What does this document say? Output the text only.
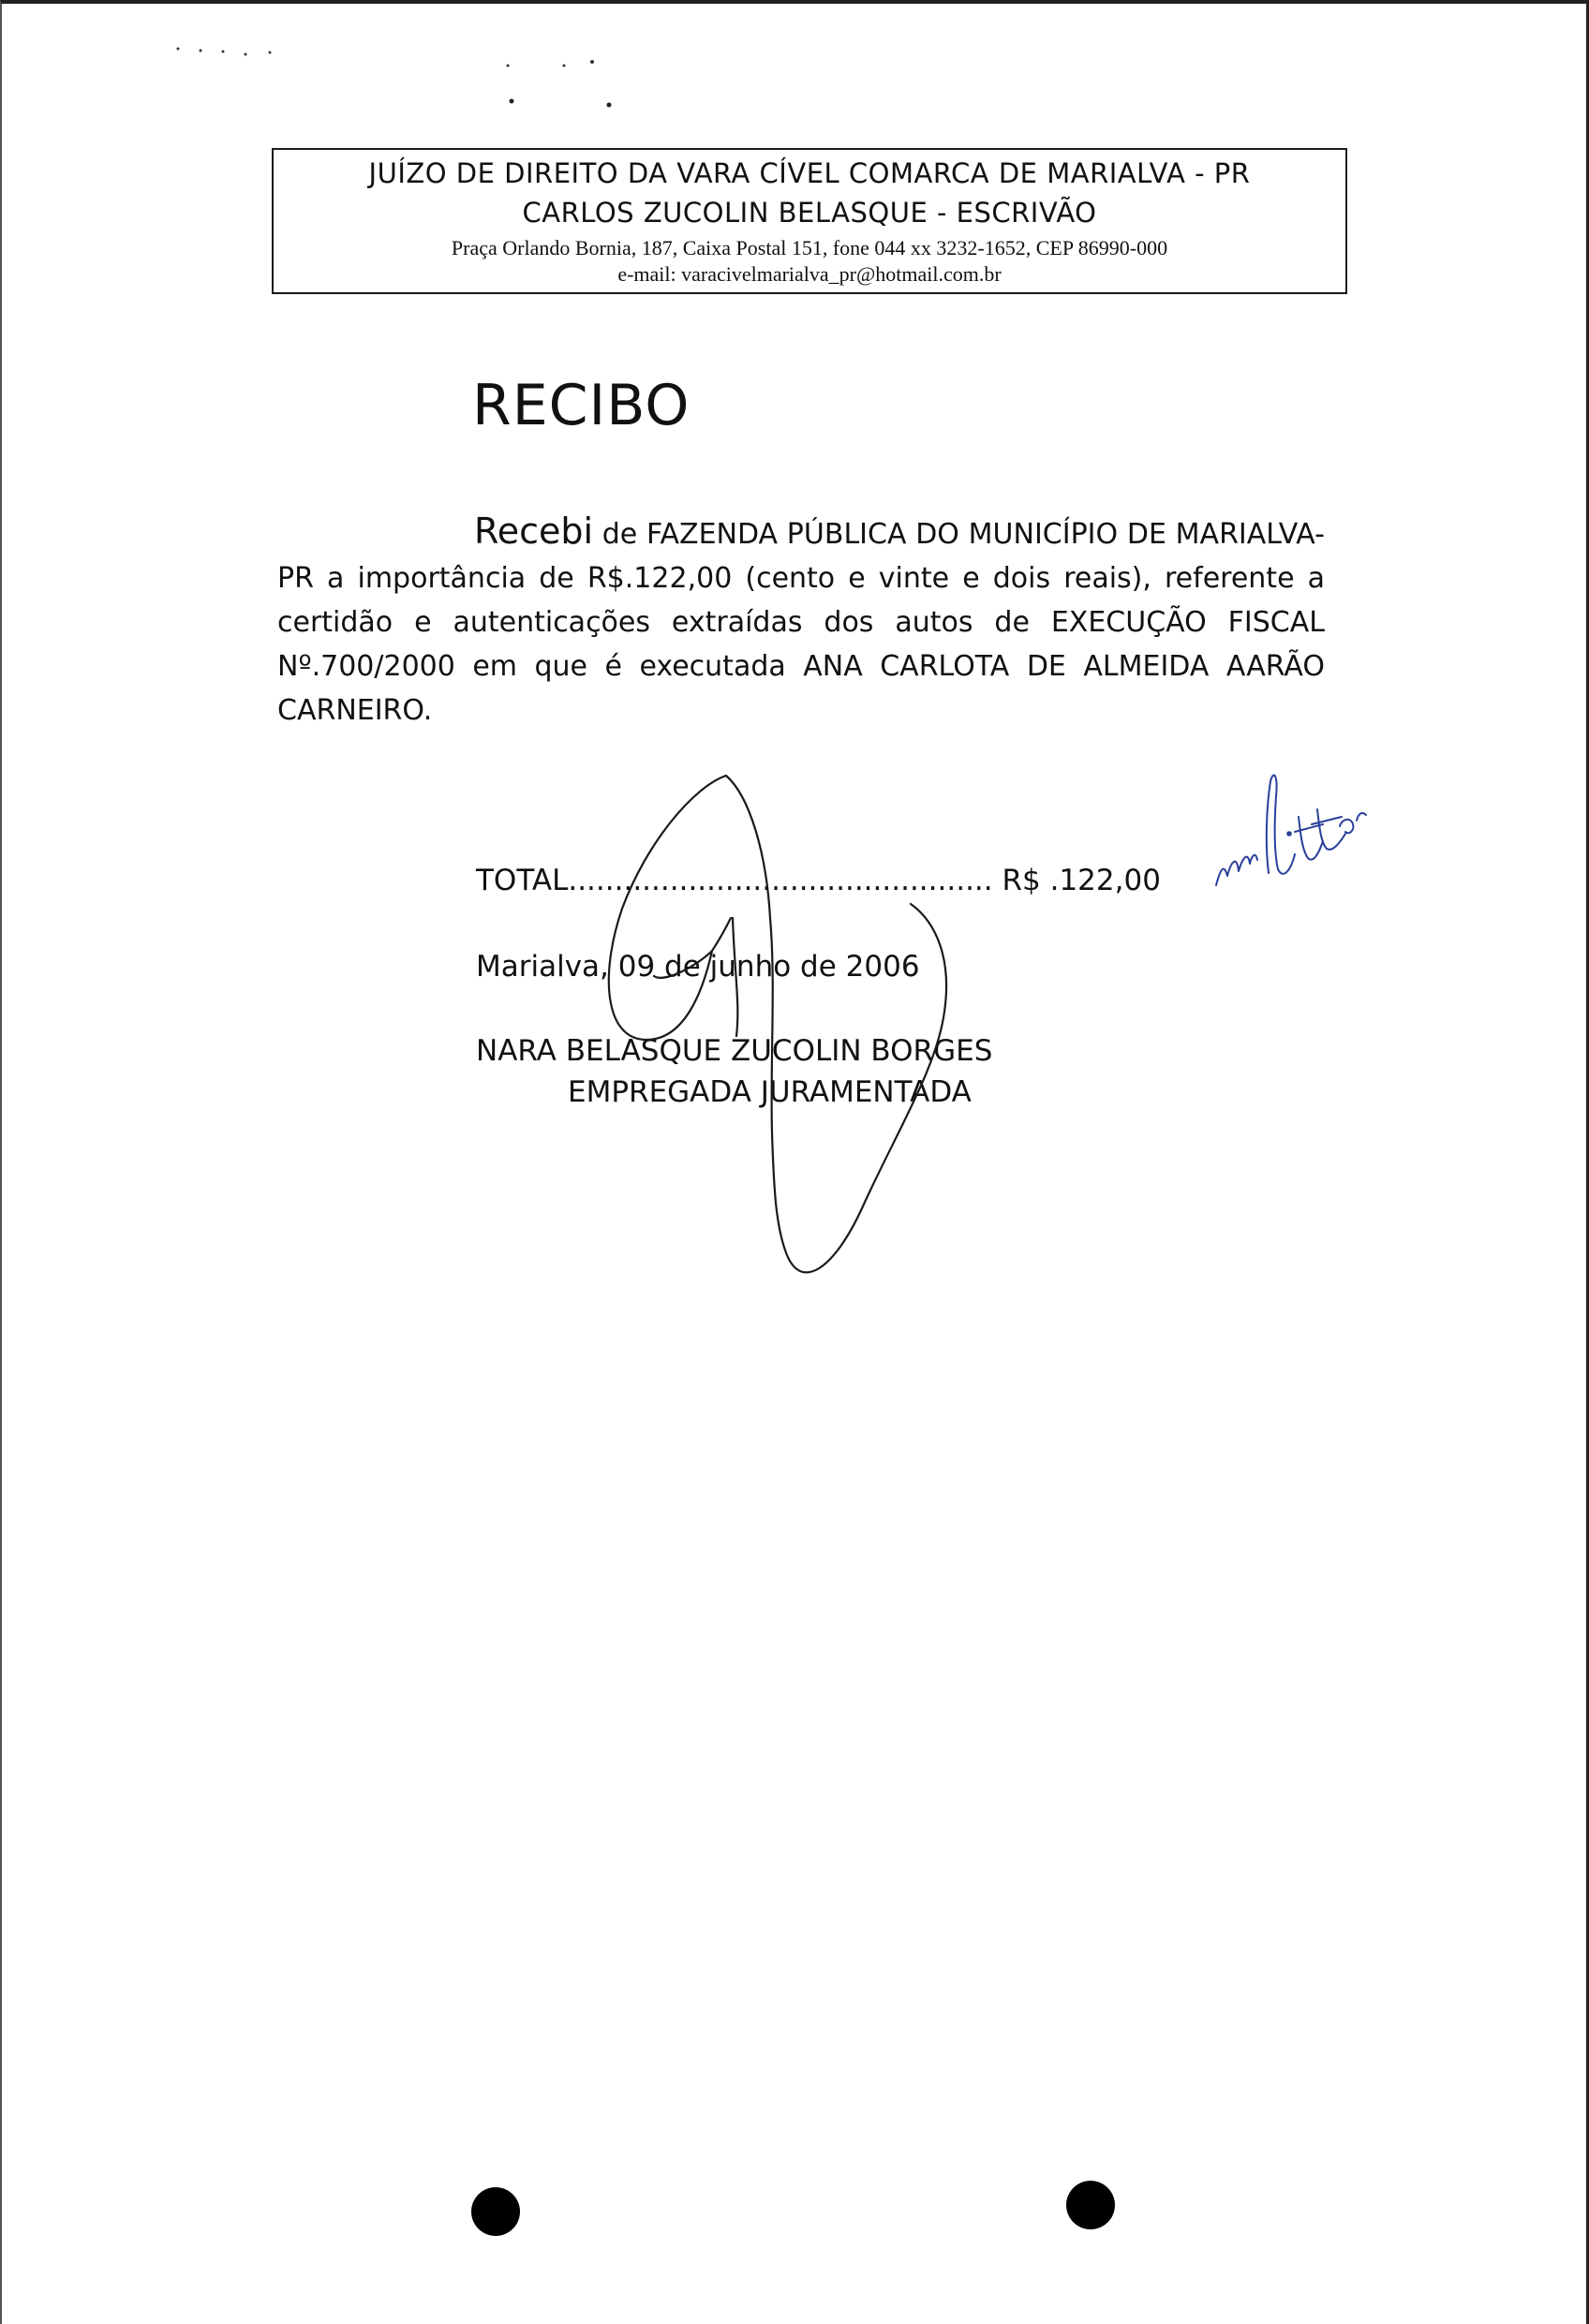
JUÍZO DE DIREITO DA VARA CÍVEL COMARCA DE MARIALVA - PR
CARLOS ZUCOLIN BELASQUE - ESCRIVÃO
Praça Orlando Bornia, 187, Caixa Postal 151, fone 044 xx 3232-1652, CEP 86990-000
e-mail: varacivelmarialva_pr@hotmail.com.br
RECIBO
Recebi de FAZENDA PÚBLICA DO MUNICÍPIO DE MARIALVA-PR a importância de R$.122,00 (cento e vinte e dois reais), referente a certidão e autenticações extraídas dos autos de EXECUÇÃO FISCAL Nº.700/2000 em que é executada ANA CARLOTA DE ALMEIDA AARÃO CARNEIRO.
TOTAL.............................................. R$ .122,00
Marialva, 09 de junho de 2006
NARA BELASQUE ZUCOLIN BORGES
EMPREGADA JURAMENTADA
